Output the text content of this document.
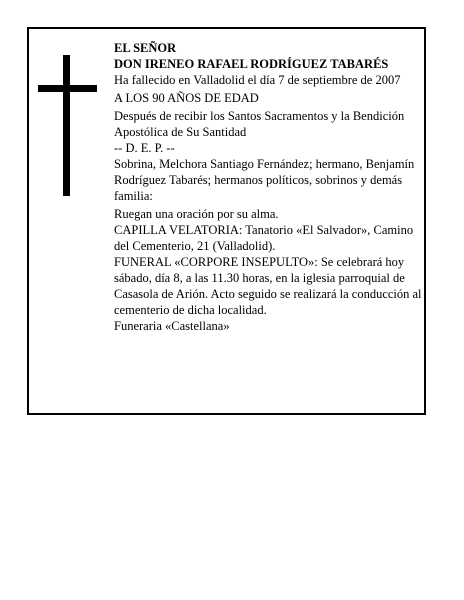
EL SEÑOR

DON IRENEO RAFAEL RODRÍGUEZ TABARÉS

Ha fallecido en Valladolid el día 7 de septiembre de 2007

A LOS 90 AÑOS DE EDAD

Después de recibir los Santos Sacramentos y la Bendición Apostólica de Su Santidad

-- D. E. P. --

Sobrina, Melchora Santiago Fernández; hermano, Benjamín Rodríguez Tabarés; hermanos políticos, sobrinos y demás familia:

Ruegan una oración por su alma.

CAPILLA VELATORIA: Tanatorio «El Salvador», Camino del Cementerio, 21 (Valladolid).

FUNERAL «CORPORE INSEPULTO»: Se celebrará hoy sábado, día 8, a las 11.30 horas, en la iglesia parroquial de Casasola de Arión. Acto seguido se realizará la conducción al cementerio de dicha localidad.

Funeraria «Castellana»
